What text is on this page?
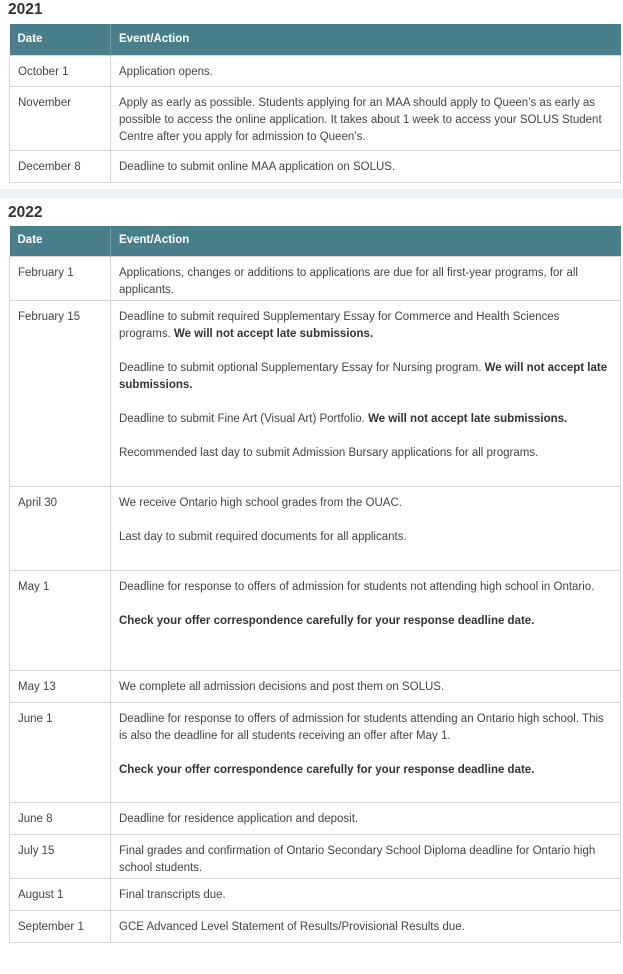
2021
Date	Event/Action
October 1	Application opens.

November	Apply as early as possible. Students applying for an MAA should apply to Queen’s as early as possible to access the online application. It takes about 1 week to access your SOLUS Student Centre after you apply for admission to Queen’s.

December 8	Deadline to submit online MAA application on SOLUS.

2022
Date	Event/Action
February 1	Applications, changes or additions to applications are due for all first-year programs, for all applicants.

February 15	Deadline to submit required Supplementary Essay for Commerce and Health Sciences programs. We will not accept late submissions.

Deadline to submit optional Supplementary Essay for Nursing program. We will not accept late submissions.

Deadline to submit Fine Art (Visual Art) Portfolio. We will not accept late submissions.

Recommended last day to submit Admission Bursary applications for all programs.

April 30	We receive Ontario high school grades from the OUAC.

Last day to submit required documents for all applicants.

May 1	Deadline for response to offers of admission for students not attending high school in Ontario.

Check your offer correspondence carefully for your response deadline date.

May 13	We complete all admission decisions and post them on SOLUS.

June 1	Deadline for response to offers of admission for students attending an Ontario high school. This is also the deadline for all students receiving an offer after May 1.

Check your offer correspondence carefully for your response deadline date.

June 8	Deadline for residence application and deposit.

July 15	Final grades and confirmation of Ontario Secondary School Diploma deadline for Ontario high school students.

August 1	Final transcripts due.

September 1	GCE Advanced Level Statement of Results/Provisional Results due.
